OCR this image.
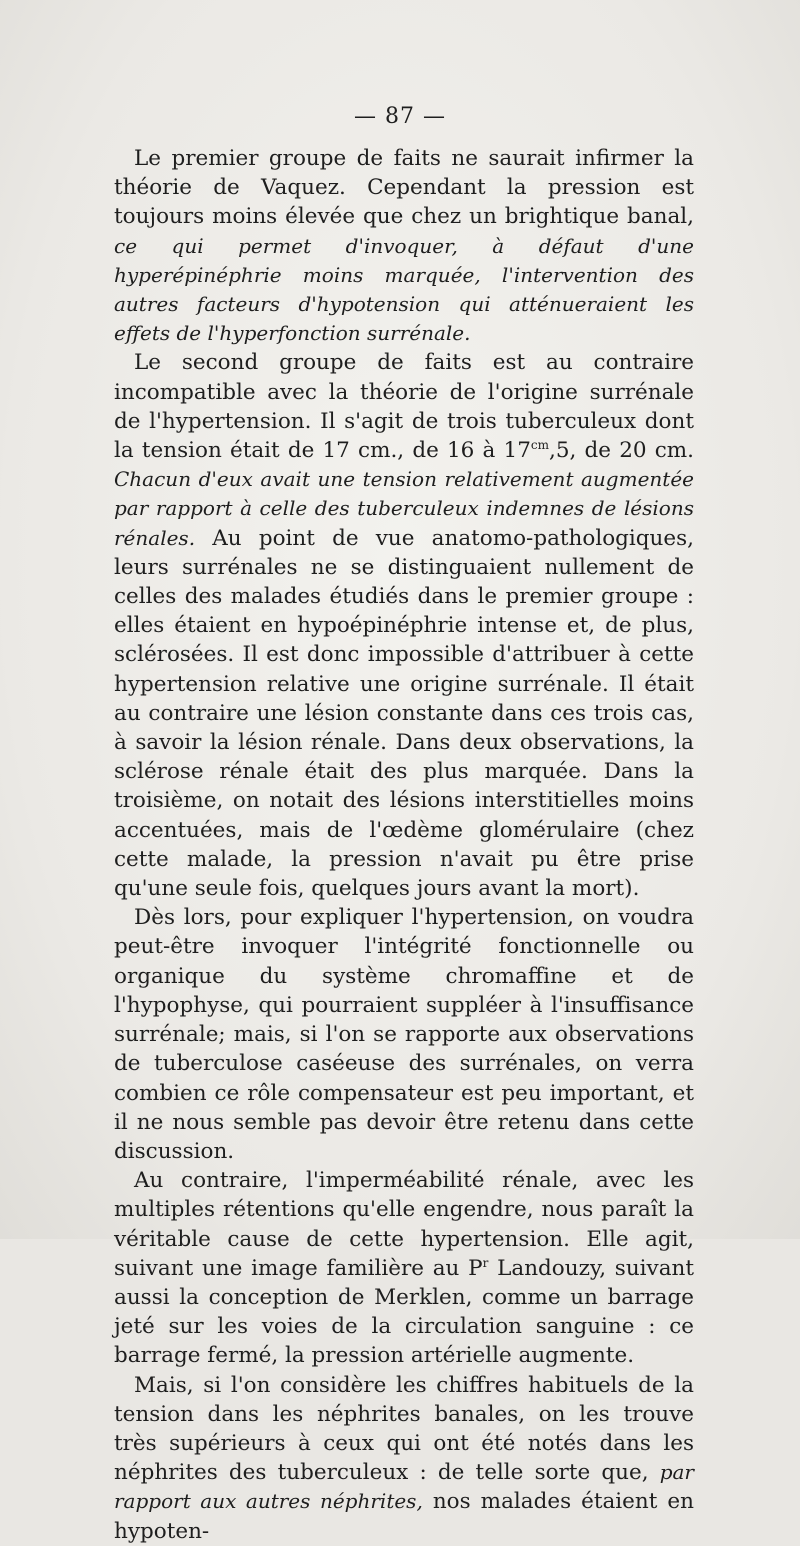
— 87 —

Le premier groupe de faits ne saurait infirmer la théorie de Vaquez. Cependant la pression est toujours moins élevée que chez un brightique banal, ce qui permet d'invoquer, à défaut d'une hyperépinéphrie moins marquée, l'intervention des autres facteurs d'hypotension qui atténueraient les effets de l'hyperfonction surrénale.

Le second groupe de faits est au contraire incompatible avec la théorie de l'origine surrénale de l'hypertension. Il s'agit de trois tuberculeux dont la tension était de 17 cm., de 16 à $17^{cm},5$, de 20 cm. Chacun d'eux avait une tension relativement augmentée par rapport à celle des tuberculeux indemnes de lésions rénales. Au point de vue anatomo-pathologiques, leurs surrénales ne se distinguaient nullement de celles des malades étudiés dans le premier groupe : elles étaient en hypoépinéphrie intense et, de plus, sclérosées. Il est donc impossible d'attribuer à cette hypertension relative une origine surrénale. Il était au contraire une lésion constante dans ces trois cas, à savoir la lésion rénale. Dans deux observations, la sclérose rénale était des plus marquée. Dans la troisième, on notait des lésions interstitielles moins accentuées, mais de l'œdème glomérulaire (chez cette malade, la pression n'avait pu être prise qu'une seule fois, quelques jours avant la mort).

Dès lors, pour expliquer l'hypertension, on voudra peut-être invoquer l'intégrité fonctionnelle ou organique du système chromaffine et de l'hypophyse, qui pourraient suppléer à l'insuffisance surrénale; mais, si l'on se rapporte aux observations de tuberculose caséeuse des surrénales, on verra combien ce rôle compensateur est peu important, et il ne nous semble pas devoir être retenu dans cette discussion.

Au contraire, l'imperméabilité rénale, avec les multiples rétentions qu'elle engendre, nous paraît la véritable cause de cette hypertension. Elle agit, suivant une image familière au $P^r$ Landouzy, suivant aussi la conception de Merklen, comme un barrage jeté sur les voies de la circulation sanguine : ce barrage fermé, la pression artérielle augmente.

Mais, si l'on considère les chiffres habituels de la tension dans les néphrites banales, on les trouve très supérieurs à ceux qui ont été notés dans les néphrites des tuberculeux : de telle sorte que, par rapport aux autres néphrites, nos malades étaient en hypoten-
